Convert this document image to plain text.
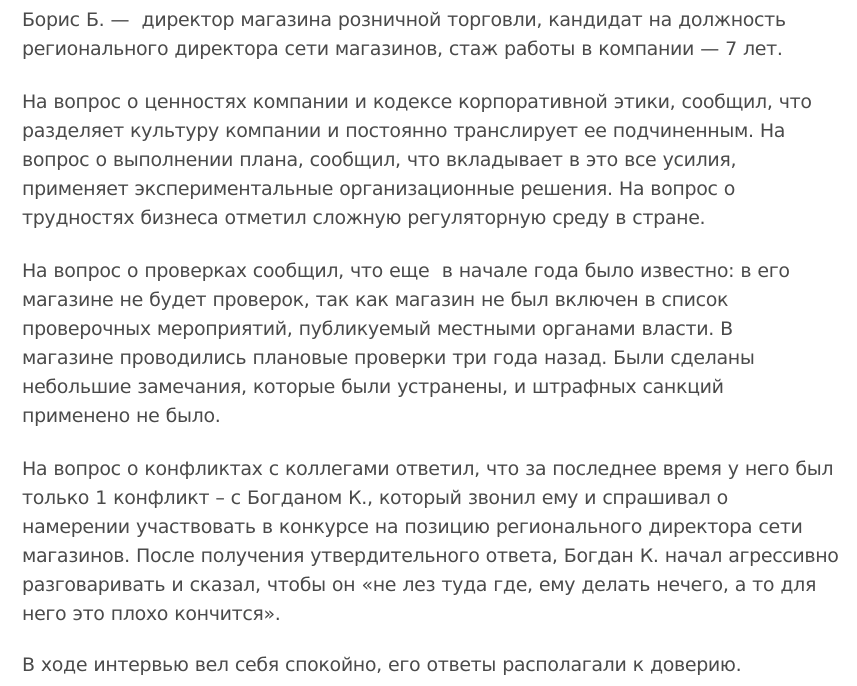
Борис Б. —  директор магазина розничной торговли, кандидат на должность
регионального директора сети магазинов, стаж работы в компании — 7 лет.

На вопрос о ценностях компании и кодексе корпоративной этики, сообщил, что
разделяет культуру компании и постоянно транслирует ее подчиненным. На
вопрос о выполнении плана, сообщил, что вкладывает в это все усилия,
применяет экспериментальные организационные решения. На вопрос о
трудностях бизнеса отметил сложную регуляторную среду в стране.

На вопрос о проверках сообщил, что еще  в начале года было известно: в его
магазине не будет проверок, так как магазин не был включен в список
проверочных мероприятий, публикуемый местными органами власти. В
магазине проводились плановые проверки три года назад. Были сделаны
небольшие замечания, которые были устранены, и штрафных санкций
применено не было.

На вопрос о конфликтах с коллегами ответил, что за последнее время у него был
только 1 конфликт – с Богданом К., который звонил ему и спрашивал о
намерении участвовать в конкурсе на позицию регионального директора сети
магазинов. После получения утвердительного ответа, Богдан К. начал агрессивно
разговаривать и сказал, чтобы он «не лез туда где, ему делать нечего, а то для
него это плохо кончится».

В ходе интервью вел себя спокойно, его ответы располагали к доверию.
